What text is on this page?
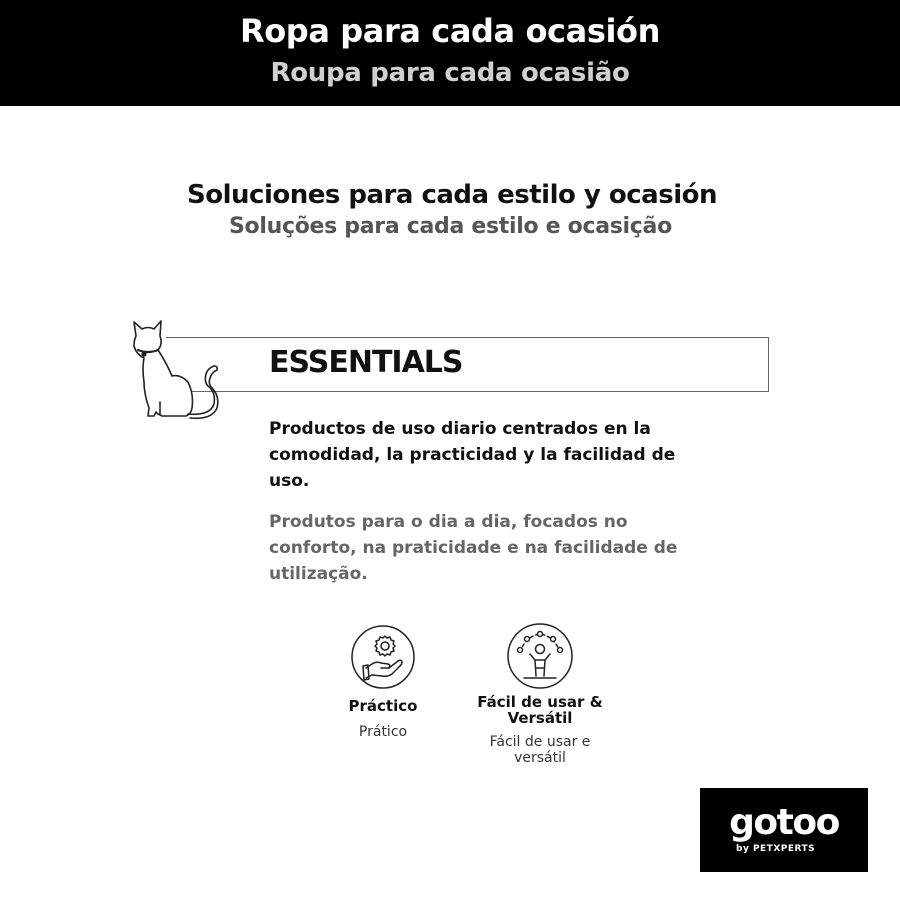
Ropa para cada ocasión
Roupa para cada ocasião
Soluciones para cada estilo y ocasión
Soluções para cada estilo e ocasição
ESSENTIALS
Productos de uso diario centrados en la comodidad, la practicidad y la facilidad de uso.
Produtos para o dia a dia, focados no conforto, na praticidade e na facilidade de utilização.
Práctico
Prático
Fácil de usar & Versátil
Fácil de usar e versátil
gotoo
by PETXPERTS
